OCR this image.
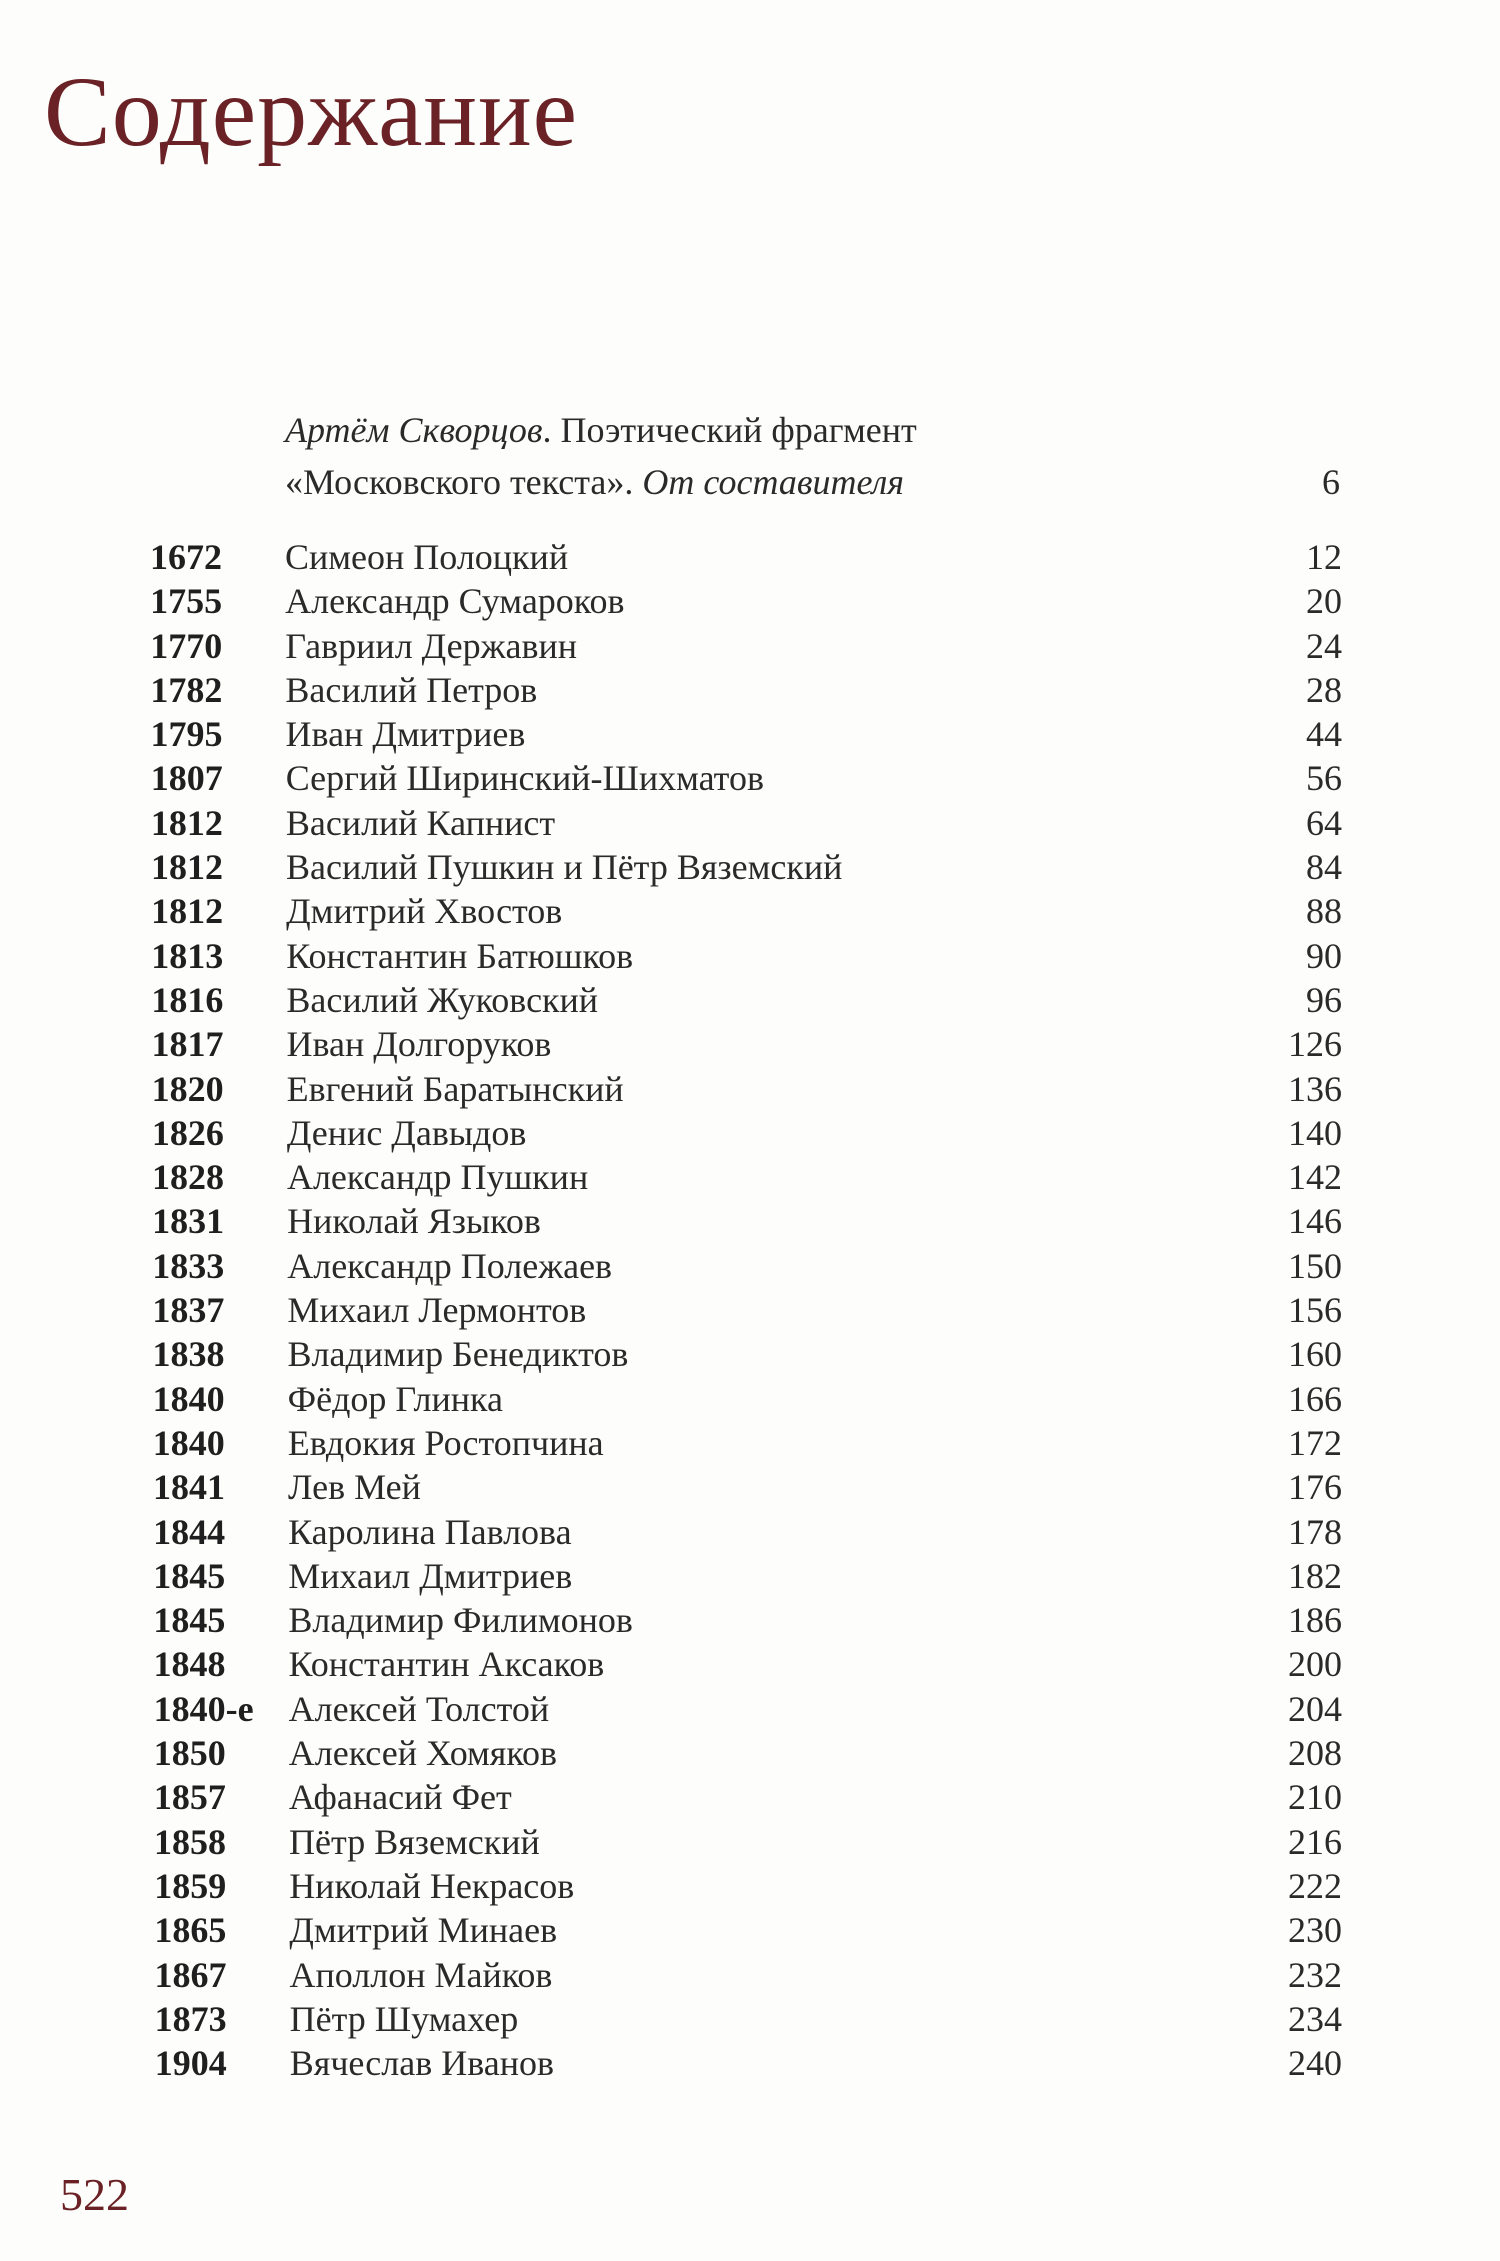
Содержание
Артём Скворцов. Поэтический фрагмент
«Московского текста». От составителя	6
1672 Симеон Полоцкий	12
1755 Александр Сумароков	20
1770 Гавриил Державин	24
1782 Василий Петров	28
1795 Иван Дмитриев	44
1807 Сергий Ширинский-Шихматов	56
1812 Василий Капнист	64
1812 Василий Пушкин и Пётр Вяземский	84
1812 Дмитрий Хвостов	88
1813 Константин Батюшков	90
1816 Василий Жуковский	96
1817 Иван Долгоруков	126
1820 Евгений Баратынский	136
1826 Денис Давыдов	140
1828 Александр Пушкин	142
1831 Николай Языков	146
1833 Александр Полежаев	150
1837 Михаил Лермонтов	156
1838 Владимир Бенедиктов	160
1840 Фёдор Глинка	166
1840 Евдокия Ростопчина	172
1841 Лев Мей	176
1844 Каролина Павлова	178
1845 Михаил Дмитриев	182
1845 Владимир Филимонов	186
1848 Константин Аксаков	200
1840-е Алексей Толстой	204
1850 Алексей Хомяков	208
1857 Афанасий Фет	210
1858 Пётр Вяземский	216
1859 Николай Некрасов	222
1865 Дмитрий Минаев	230
1867 Аполлон Майков	232
1873 Пётр Шумахер	234
1904 Вячеслав Иванов	240
522
